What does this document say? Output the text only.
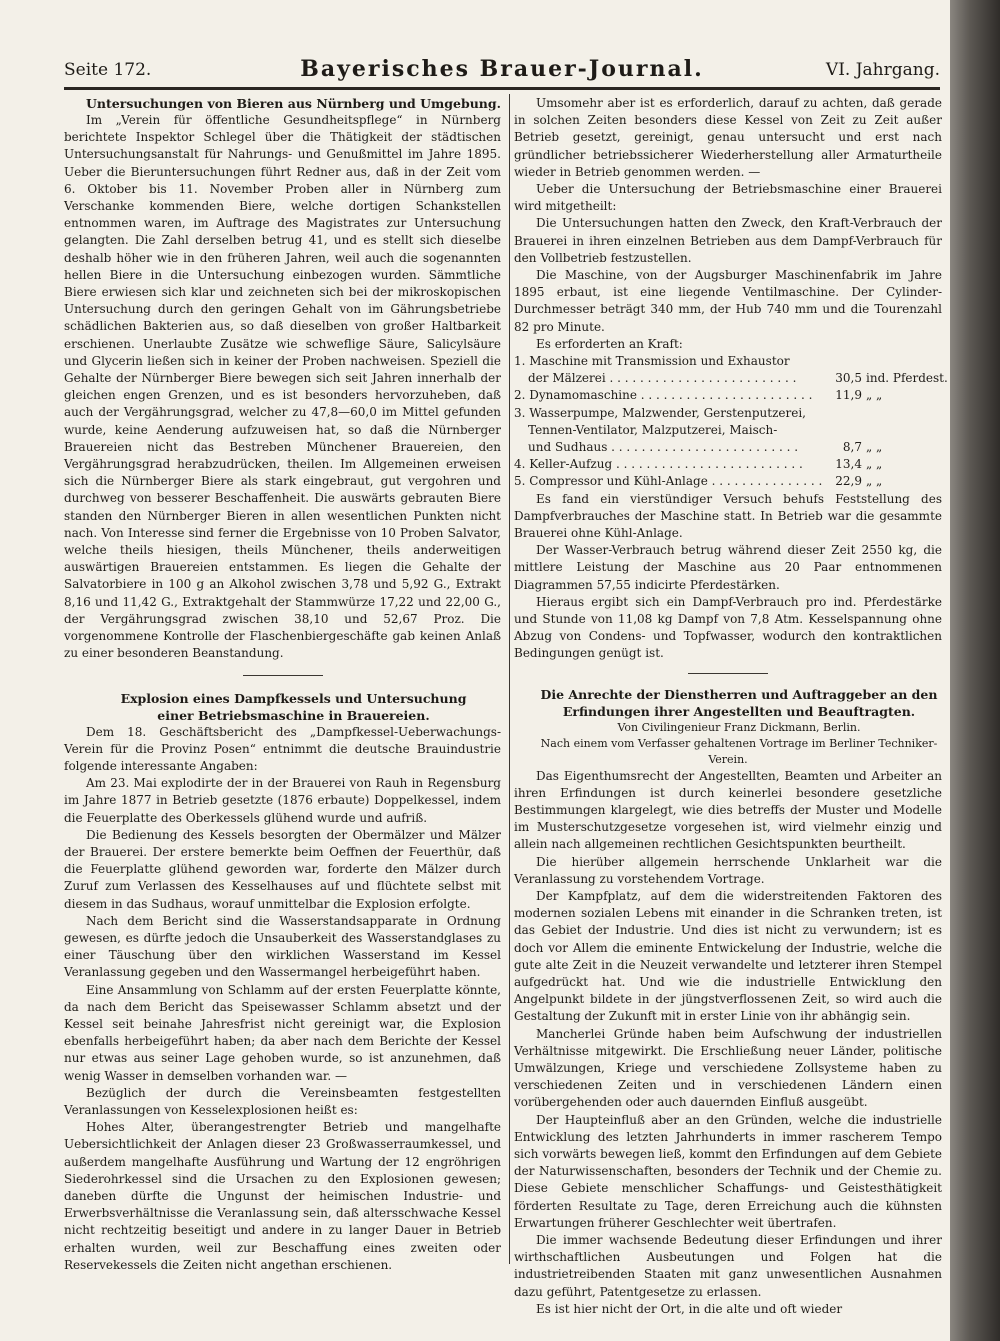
Seite 172.	Bayerisches Brauer-Journal.	VI. Jahrgang.

Untersuchungen von Bieren aus Nürnberg und Umgebung.

Im „Verein für öffentliche Gesundheitspflege“ in Nürnberg berichtete Inspektor Schlegel über die Thätigkeit der städtischen Untersuchungsanstalt für Nahrungs- und Genußmittel im Jahre 1895. Ueber die Bieruntersuchungen führt Redner aus, daß in der Zeit vom 6. Oktober bis 11. November Proben aller in Nürnberg zum Verschanke kommenden Biere, welche dortigen Schankstellen entnommen waren, im Auftrage des Magistrates zur Untersuchung gelangten. Die Zahl derselben betrug 41, und es stellt sich dieselbe deshalb höher wie in den früheren Jahren, weil auch die sogenannten hellen Biere in die Untersuchung einbezogen wurden. Sämmtliche Biere erwiesen sich klar und zeichneten sich bei der mikroskopischen Untersuchung durch den geringen Gehalt von im Gährungsbetriebe schädlichen Bakterien aus, so daß dieselben von großer Haltbarkeit erschienen. Unerlaubte Zusätze wie schweflige Säure, Salicylsäure und Glycerin ließen sich in keiner der Proben nachweisen. Speziell die Gehalte der Nürnberger Biere bewegen sich seit Jahren innerhalb der gleichen engen Grenzen, und es ist besonders hervorzuheben, daß auch der Vergährungsgrad, welcher zu 47,8—60,0 im Mittel gefunden wurde, keine Aenderung aufzuweisen hat, so daß die Nürnberger Brauereien nicht das Bestreben Münchener Brauereien, den Vergährungsgrad herabzudrücken, theilen. Im Allgemeinen erweisen sich die Nürnberger Biere als stark eingebraut, gut vergohren und durchweg von besserer Beschaffenheit. Die auswärts gebrauten Biere standen den Nürnberger Bieren in allen wesentlichen Punkten nicht nach. Von Interesse sind ferner die Ergebnisse von 10 Proben Salvator, welche theils hiesigen, theils Münchener, theils anderweitigen auswärtigen Brauereien entstammen. Es liegen die Gehalte der Salvatorbiere in 100 g an Alkohol zwischen 3,78 und 5,92 G., Extrakt 8,16 und 11,42 G., Extraktgehalt der Stammwürze 17,22 und 22,00 G., der Vergährungsgrad zwischen 38,10 und 52,67 Proz. Die vorgenommene Kontrolle der Flaschenbiergeschäfte gab keinen Anlaß zu einer besonderen Beanstandung.

Explosion eines Dampfkessels und Untersuchung

einer Betriebsmaschine in Brauereien.

Dem 18. Geschäftsbericht des „Dampfkessel-Ueberwachungs-Verein für die Provinz Posen“ entnimmt die deutsche Brauindustrie folgende interessante Angaben:

Am 23. Mai explodirte der in der Brauerei von Rauh in Regensburg im Jahre 1877 in Betrieb gesetzte (1876 erbaute) Doppelkessel, indem die Feuerplatte des Oberkessels glühend wurde und aufriß.

Die Bedienung des Kessels besorgten der Obermälzer und Mälzer der Brauerei. Der erstere bemerkte beim Oeffnen der Feuerthür, daß die Feuerplatte glühend geworden war, forderte den Mälzer durch Zuruf zum Verlassen des Kesselhauses auf und flüchtete selbst mit diesem in das Sudhaus, worauf unmittelbar die Explosion erfolgte.

Nach dem Bericht sind die Wasserstandsapparate in Ordnung gewesen, es dürfte jedoch die Unsauberkeit des Wasserstandglases zu einer Täuschung über den wirklichen Wasserstand im Kessel Veranlassung gegeben und den Wassermangel herbeigeführt haben.

Eine Ansammlung von Schlamm auf der ersten Feuerplatte könnte, da nach dem Bericht das Speisewasser Schlamm absetzt und der Kessel seit beinahe Jahresfrist nicht gereinigt war, die Explosion ebenfalls herbeigeführt haben; da aber nach dem Berichte der Kessel nur etwas aus seiner Lage gehoben wurde, so ist anzunehmen, daß wenig Wasser in demselben vorhanden war. —

Bezüglich der durch die Vereinsbeamten festgestellten Veranlassungen von Kesselexplosionen heißt es:

Hohes Alter, überangestrengter Betrieb und mangelhafte Uebersichtlichkeit der Anlagen dieser 23 Großwasserraumkessel, und außerdem mangelhafte Ausführung und Wartung der 12 engröhrigen Siederohrkessel sind die Ursachen zu den Explosionen gewesen; daneben dürfte die Ungunst der heimischen Industrie- und Erwerbsverhältnisse die Veranlassung sein, daß altersschwache Kessel nicht rechtzeitig beseitigt und andere in zu langer Dauer in Betrieb erhalten wurden, weil zur Beschaffung eines zweiten oder Reservekessels die Zeiten nicht angethan erschienen.

Umsomehr aber ist es erforderlich, darauf zu achten, daß gerade in solchen Zeiten besonders diese Kessel von Zeit zu Zeit außer Betrieb gesetzt, gereinigt, genau untersucht und erst nach gründlicher betriebssicherer Wiederherstellung aller Armaturtheile wieder in Betrieb genommen werden. —

Ueber die Untersuchung der Betriebsmaschine einer Brauerei wird mitgetheilt:

Die Untersuchungen hatten den Zweck, den Kraft-Verbrauch der Brauerei in ihren einzelnen Betrieben aus dem Dampf-Verbrauch für den Vollbetrieb festzustellen.

Die Maschine, von der Augsburger Maschinenfabrik im Jahre 1895 erbaut, ist eine liegende Ventilmaschine. Der Cylinder-Durchmesser beträgt 340 mm, der Hub 740 mm und die Tourenzahl 82 pro Minute.

Es erforderten an Kraft:

1. Maschine mit Transmission und Exhaustor
der Mälzerei . . . . . . . . . . . . . . . . . . . . . . . . .	30,5 ind. Pferdest.
2. Dynamomaschine . . . . . . . . . . . . . . . . . . . . . . .	11,9 „ „
3. Wasserpumpe, Malzwender, Gerstenputzerei,
Tennen-Ventilator, Malzputzerei, Maisch-
und Sudhaus . . . . . . . . . . . . . . . . . . . . . . . . .	8,7 „ „
4. Keller-Aufzug . . . . . . . . . . . . . . . . . . . . . . . . .	13,4 „ „
5. Compressor und Kühl-Anlage . . . . . . . . . . . . . . .	22,9 „ „

Es fand ein vierstündiger Versuch behufs Feststellung des Dampfverbrauches der Maschine statt. In Betrieb war die gesammte Brauerei ohne Kühl-Anlage.

Der Wasser-Verbrauch betrug während dieser Zeit 2550 kg, die mittlere Leistung der Maschine aus 20 Paar entnommenen Diagrammen 57,55 indicirte Pferdestärken.

Hieraus ergibt sich ein Dampf-Verbrauch pro ind. Pferdestärke und Stunde von 11,08 kg Dampf von 7,8 Atm. Kesselspannung ohne Abzug von Condens- und Topfwasser, wodurch den kontraktlichen Bedingungen genügt ist.

Die Anrechte der Dienstherren und Auftraggeber an den

Erfindungen ihrer Angestellten und Beauftragten.

Von Civilingenieur Franz Dickmann, Berlin.

Nach einem vom Verfasser gehaltenen Vortrage im Berliner Techniker-Verein.

Das Eigenthumsrecht der Angestellten, Beamten und Arbeiter an ihren Erfindungen ist durch keinerlei besondere gesetzliche Bestimmungen klargelegt, wie dies betreffs der Muster und Modelle im Musterschutzgesetze vorgesehen ist, wird vielmehr einzig und allein nach allgemeinen rechtlichen Gesichtspunkten beurtheilt.

Die hierüber allgemein herrschende Unklarheit war die Veranlassung zu vorstehendem Vortrage.

Der Kampfplatz, auf dem die widerstreitenden Faktoren des modernen sozialen Lebens mit einander in die Schranken treten, ist das Gebiet der Industrie. Und dies ist nicht zu verwundern; ist es doch vor Allem die eminente Entwickelung der Industrie, welche die gute alte Zeit in die Neuzeit verwandelte und letzterer ihren Stempel aufgedrückt hat. Und wie die industrielle Entwicklung den Angelpunkt bildete in der jüngstverflossenen Zeit, so wird auch die Gestaltung der Zukunft mit in erster Linie von ihr abhängig sein.

Mancherlei Gründe haben beim Aufschwung der industriellen Verhältnisse mitgewirkt. Die Erschließung neuer Länder, politische Umwälzungen, Kriege und verschiedene Zollsysteme haben zu verschiedenen Zeiten und in verschiedenen Ländern einen vorübergehenden oder auch dauernden Einfluß ausgeübt.

Der Haupteinfluß aber an den Gründen, welche die industrielle Entwicklung des letzten Jahrhunderts in immer rascherem Tempo sich vorwärts bewegen ließ, kommt den Erfindungen auf dem Gebiete der Naturwissenschaften, besonders der Technik und der Chemie zu. Diese Gebiete menschlicher Schaffungs- und Geistesthätigkeit förderten Resultate zu Tage, deren Erreichung auch die kühnsten Erwartungen früherer Geschlechter weit übertrafen.

Die immer wachsende Bedeutung dieser Erfindungen und ihrer wirthschaftlichen Ausbeutungen und Folgen hat die industrietreibenden Staaten mit ganz unwesentlichen Ausnahmen dazu geführt, Patentgesetze zu erlassen.

Es ist hier nicht der Ort, in die alte und oft wieder
